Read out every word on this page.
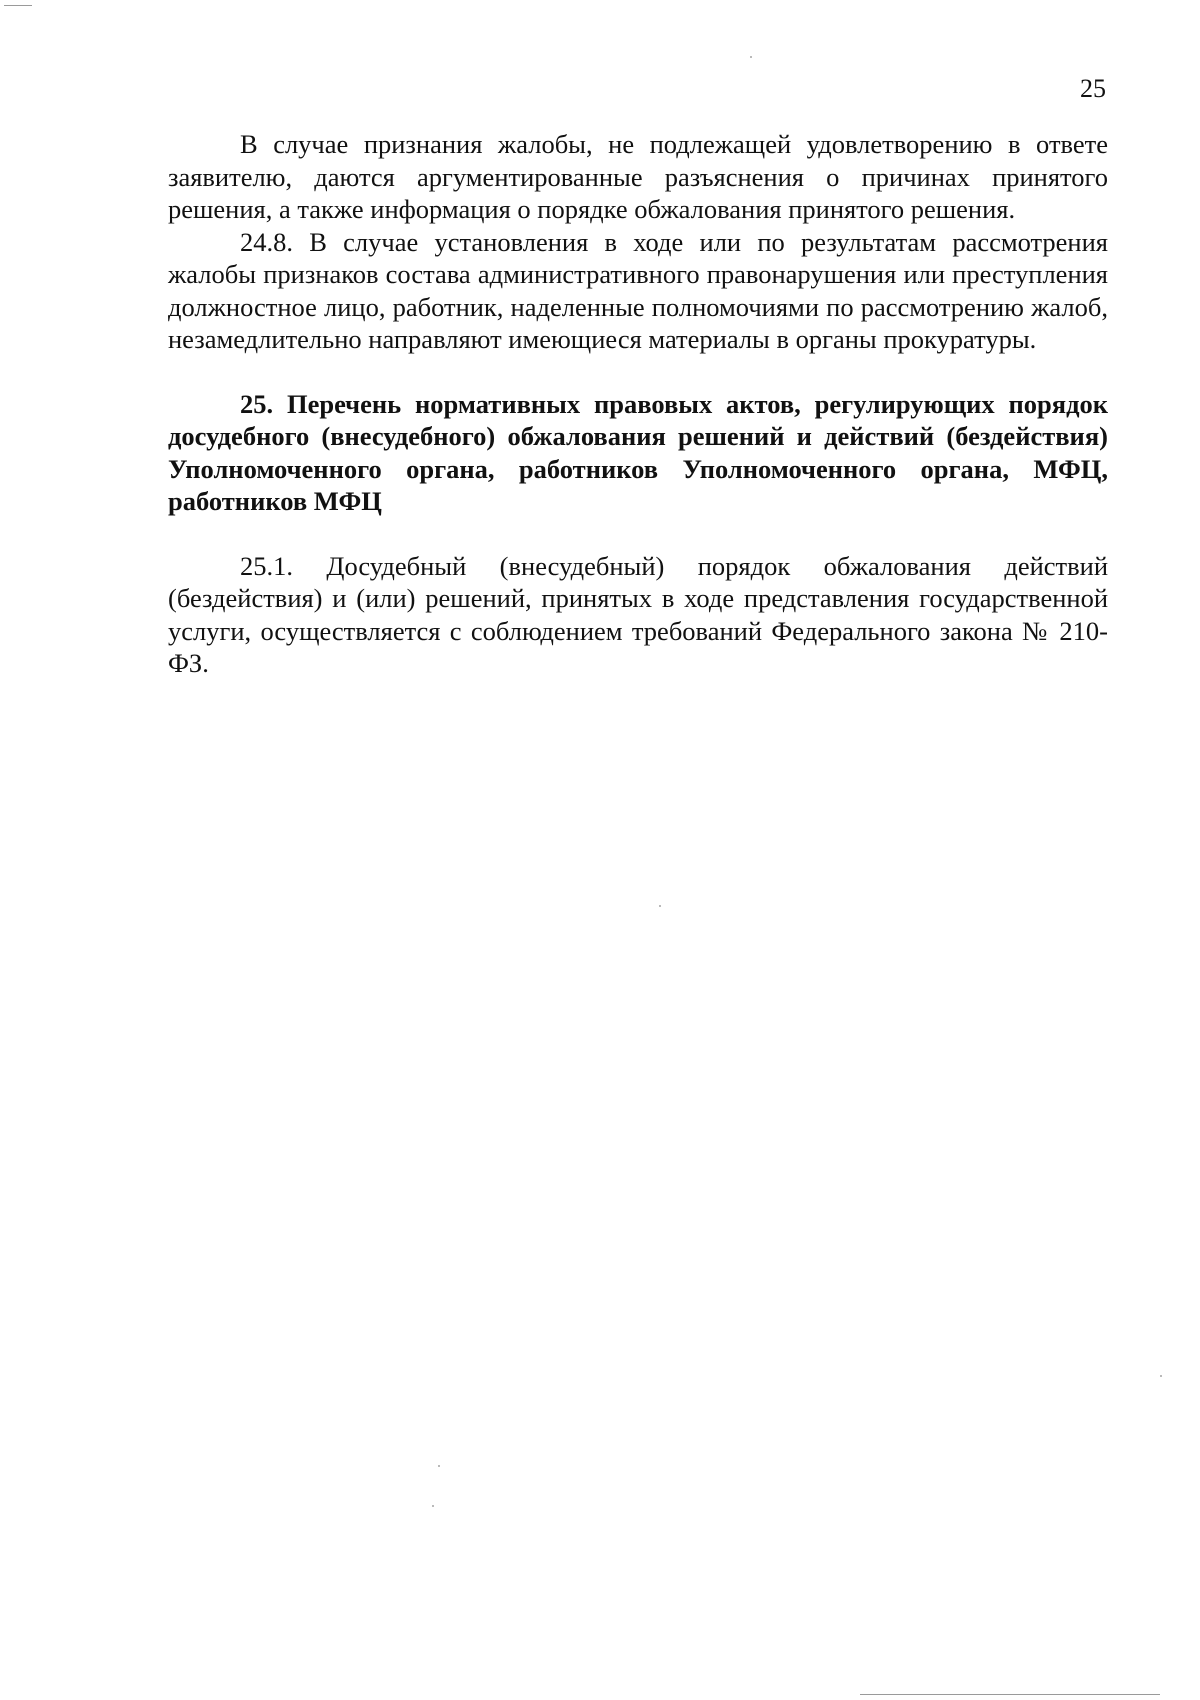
25

В случае признания жалобы, не подлежащей удовлетворению в ответе заявителю, даются аргументированные разъяснения о причинах принятого решения, а также информация о порядке обжалования принятого решения.

24.8. В случае установления в ходе или по результатам рассмотрения жалобы признаков состава административного правонарушения или преступления должностное лицо, работник, наделенные полномочиями по рассмотрению жалоб, незамедлительно направляют имеющиеся материалы в органы прокуратуры.

25. Перечень нормативных правовых актов, регулирующих порядок досудебного (внесудебного) обжалования решений и действий (бездействия) Уполномоченного органа, работников Уполномоченного органа, МФЦ, работников МФЦ

25.1. Досудебный (внесудебный) порядок обжалования действий (бездействия) и (или) решений, принятых в ходе представления государственной услуги, осуществляется с соблюдением требований Федерального закона № 210-ФЗ.
